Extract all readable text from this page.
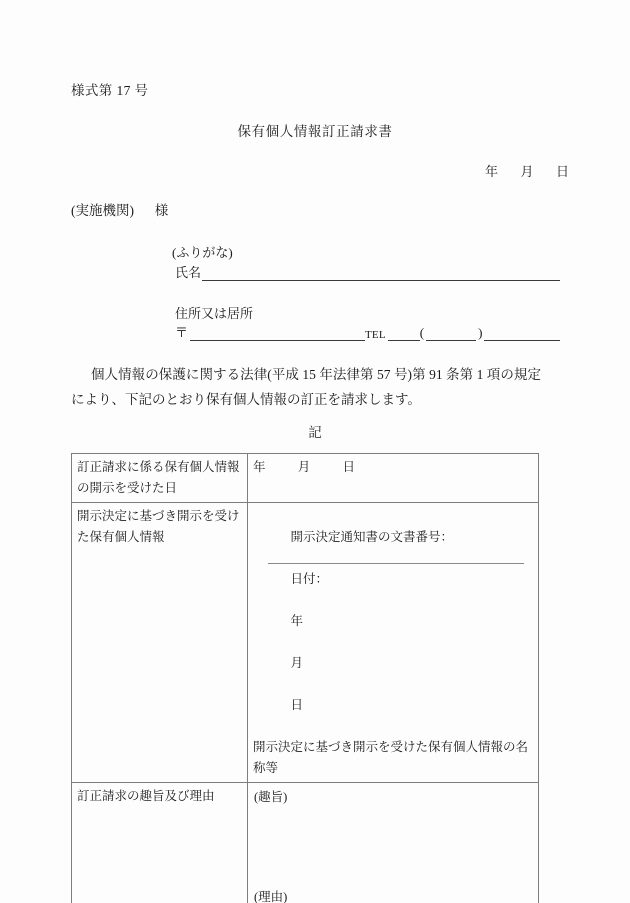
様式第 17 号
保有個人情報訂正請求書
年 月 日
(実施機関) 様
(ふりがな)
氏名
住所又は居所
〒	TEL	(	)
個人情報の保護に関する法律(平成 15 年法律第 57 号)第 91 条第 1 項の規定により、下記のとおり保有個人情報の訂正を請求します。
記
訂正請求に係る保有個人情報の開示を受けた日	年 月 日
開示決定に基づき開示を受けた保有個人情報	開示決定通知書の文書番号：

日付：

年

月

日

開示決定に基づき開示を受けた保有個人情報の名称等

訂正請求の趣旨及び理由	(趣旨)
(理由)
